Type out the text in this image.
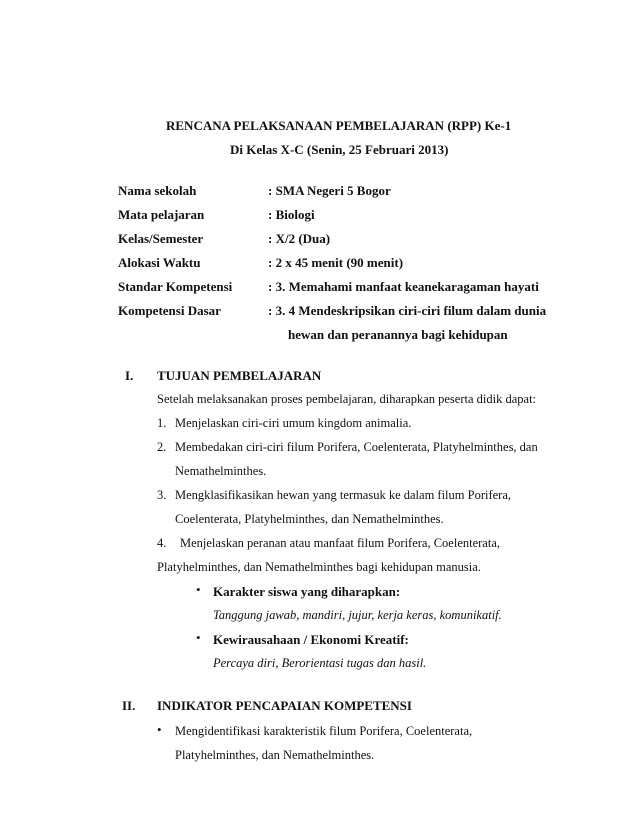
RENCANA PELAKSANAAN PEMBELAJARAN (RPP) Ke-1
Di Kelas X-C (Senin, 25 Februari 2013)
Nama sekolah	: SMA Negeri 5 Bogor
Mata pelajaran	: Biologi
Kelas/Semester	: X/2 (Dua)
Alokasi Waktu	: 2 x 45 menit (90 menit)
Standar Kompetensi	: 3. Memahami manfaat keanekaragaman hayati
Kompetensi Dasar	: 3. 4 Mendeskripsikan ciri-ciri filum dalam dunia
hewan dan peranannya bagi kehidupan
I. TUJUAN PEMBELAJARAN
Setelah melaksanakan proses pembelajaran, diharapkan peserta didik dapat:
1. Menjelaskan ciri-ciri umum kingdom animalia.
2. Membedakan ciri-ciri filum Porifera, Coelenterata, Platyhelminthes, dan
Nemathelminthes.
3. Mengklasifikasikan hewan yang termasuk ke dalam filum Porifera,
Coelenterata, Platyhelminthes, dan Nemathelminthes.
4. Menjelaskan peranan atau manfaat filum Porifera, Coelenterata,
Platyhelminthes, dan Nemathelminthes bagi kehidupan manusia.
• Karakter siswa yang diharapkan:
Tanggung jawab, mandiri, jujur, kerja keras, komunikatif.
• Kewirausahaan / Ekonomi Kreatif:
Percaya diri, Berorientasi tugas dan hasil.
II. INDIKATOR PENCAPAIAN KOMPETENSI
• Mengidentifikasi karakteristik filum Porifera, Coelenterata,
Platyhelminthes, dan Nemathelminthes.
